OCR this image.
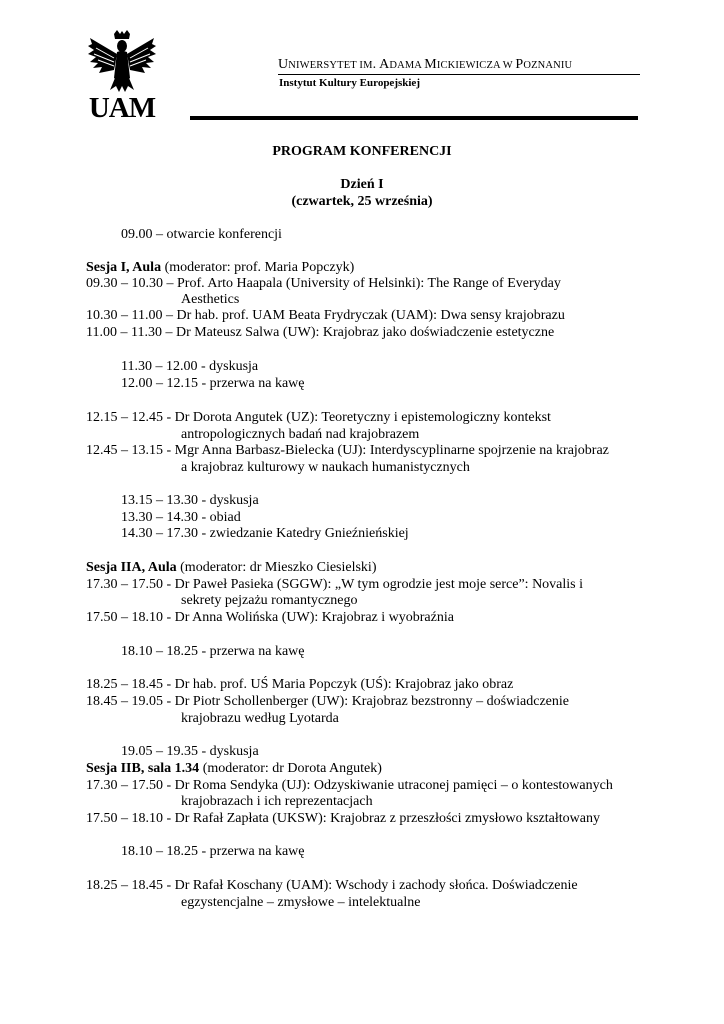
UAM
UNIWERSYTET IM. ADAMA MICKIEWICZA W POZNANIU
Instytut Kultury Europejskiej
PROGRAM KONFERENCJI
Dzień I
(czwartek, 25 września)
09.00 – otwarcie konferencji
Sesja I, Aula (moderator: prof. Maria Popczyk)
09.30 – 10.30 – Prof. Arto Haapala (University of Helsinki): The Range of Everyday
Aesthetics
10.30 – 11.00 – Dr hab. prof. UAM Beata Frydryczak (UAM): Dwa sensy krajobrazu
11.00 – 11.30 – Dr Mateusz Salwa (UW): Krajobraz jako doświadczenie estetyczne
11.30 – 12.00 - dyskusja
12.00 – 12.15 - przerwa na kawę
12.15 – 12.45 - Dr Dorota Angutek (UZ): Teoretyczny i epistemologiczny kontekst
antropologicznych badań nad krajobrazem
12.45 – 13.15 - Mgr Anna Barbasz-Bielecka (UJ): Interdyscyplinarne spojrzenie na krajobraz
a krajobraz kulturowy w naukach humanistycznych
13.15 – 13.30 - dyskusja
13.30 – 14.30 - obiad
14.30 – 17.30 - zwiedzanie Katedry Gnieźnieńskiej
Sesja IIA, Aula (moderator: dr Mieszko Ciesielski)
17.30 – 17.50 - Dr Paweł Pasieka (SGGW): „W tym ogrodzie jest moje serce”: Novalis i
sekrety pejzażu romantycznego
17.50 – 18.10 - Dr Anna Wolińska (UW): Krajobraz i wyobraźnia
18.10 – 18.25 - przerwa na kawę
18.25 – 18.45 - Dr hab. prof. UŚ Maria Popczyk (UŚ): Krajobraz jako obraz
18.45 – 19.05 - Dr Piotr Schollenberger (UW): Krajobraz bezstronny – doświadczenie
krajobrazu według Lyotarda
19.05 – 19.35 - dyskusja
Sesja IIB, sala 1.34 (moderator: dr Dorota Angutek)
17.30 – 17.50 - Dr Roma Sendyka (UJ): Odzyskiwanie utraconej pamięci – o kontestowanych
krajobrazach i ich reprezentacjach
17.50 – 18.10 - Dr Rafał Zapłata (UKSW): Krajobraz z przeszłości zmysłowo kształtowany
18.10 – 18.25 - przerwa na kawę
18.25 – 18.45 - Dr Rafał Koschany (UAM): Wschody i zachody słońca. Doświadczenie
egzystencjalne – zmysłowe – intelektualne
